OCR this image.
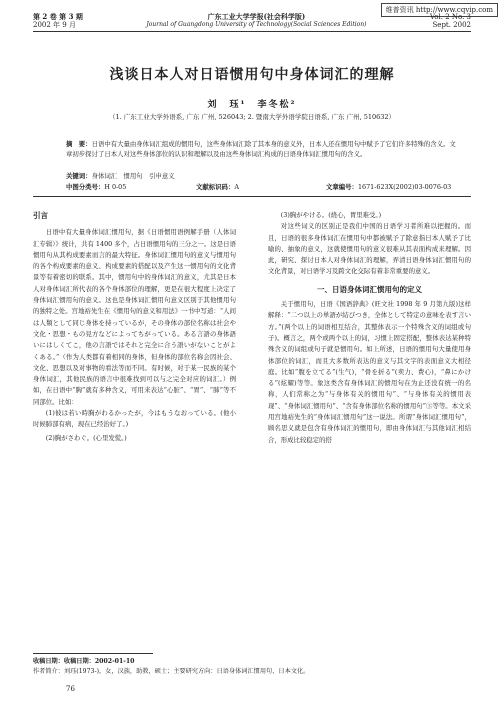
维普资讯 http://www.cqvip.com
第 2 卷 第 3 期
2002 年 9 月
广东工业大学学报(社会科学版)
Journal of Guangdong University of Technology(Social Sciences Edition)
Vol. 2 No. 3
Sept. 2002
浅谈日本人对日语惯用句中身体词汇的理解
刘　珏¹　李冬松²
（1. 广东工业大学外语系, 广东 广州, 526043; 2. 暨南大学外语学院日语系, 广东 广州, 510632）
摘　要：日语中有大量由身体词汇组成的惯用句，这些身体词汇除了其本身的意义外，日本人还在惯用句中赋予了它们许多特殊的含义。文章初步探讨了日本人对这些身体部位的认识和理解以及由这些身体词汇构成的日语身体词汇惯用句的含义。
关键词：身体词汇　惯用句　引申意义
中图分类号：H 0-05	文献标识码：A	文章编号：1671-623X(2002)03-0076-03
引言

日语中有大量身体词汇惯用句，据《日语惯用语例解手册（人体词汇专辑）》统计，共有 1400 多个，占日语惯用句的三分之一。这是日语惯用句从其构成要素而言的最大特征。身体词汇惯用句的意义与惯用句的各个构成要素的意义、构成要素的搭配以及产生这一惯用句的文化背景等有着密切的联系。其中，惯用句中的身体词汇的意义，尤其是日本人对身体词汇所代表的各个身体部位的理解，更是在很大程度上决定了身体词汇惯用句的意义。这也是身体词汇惯用句意义区别于其他惯用句的独特之处。宫地裕先生在《惯用句的意义和用法》一书中写道：“人间は人類として同じ身体を持っているが，その身体の部位名称は社会や文化・思想・もの見方などによってちがっている。ある言語の身体語いにはしくてこ，他の言語ではそれと完全に合う語いがないことがよくある。”（作为人类都有着相同的身体，但身体的部位名称会因社会、文化、思想以及对事物的看法等而不同。有时候，对于某一民族的某个身体词汇，其他民族的语言中很难找到可以与之完全对应的词汇。）例如，在日语中“胸”就有多种含义，可用来表达“心脏”、“胃”、“肺”等不同部位。比如：

(1)彼は若い時胸がわるかったが，今はもうなおっている。(他小时候肺部有病，现在已经治好了。)

(2)胸がさわぐ。(心里发慌。)

(3)胸がやける。(烧心，胃里难受。)

对这些词义的区别正是我们中国的日语学习者所难以把握的。而且，日语的很多身体词汇在惯用句中都被赋予了除意指日本人赋予了比喻的、抽象的意义，这就使惯用句的意义很难从其表面构成来理解。因此，研究、探讨日本人对身体词汇的理解，弄清日语身体词汇惯用句的文化背景，对日语学习及跨文化交际有着非常重要的意义。

一、日语身体词汇惯用句的定义

关于惯用句，日语《国语辞典》(旺文社 1998 年 9 月第九版)这样解释：“二つ以上の単語が結びつき，全体として特定の意味を表す言い方。”(两个以上的词语相互结合，其整体表示一个特殊含义的词组或句子)。概言之，两个或两个以上的词，习惯上固定搭配，整体表达某种特殊含义的词组或句子就是惯用句。如上所述，日语的惯用句大量使用身体部位的词汇，而且大多数所表达的意义与其文字的表面意义大相径庭。比如“腹を立てる”(生气)，“骨を折る”(卖力、费心)，“鼻にかける”(炫耀)等等。象这类含有身体词汇的惯用句在为止还没有统一的名称，人们常称之为“与身体有关的惯用句”、“与身体有关的惯用表现”、“身体词汇惯用句”、“含有身体部位名称的惯用句”③等等。本文采用宫地裕先生的“身体词汇惯用句”这一说法。所谓“身体词汇惯用句”，顾名思义就是包含有身体词汇的惯用句，即由身体词汇与其他词汇相结合，形成比较稳定的搭

收稿日期：收稿日期：2002-01-10
作者简介：刘珏(1973-)，女，汉族，助教，硕士；主要研究方向：日语身体词汇惯用句、日本文化。
76
